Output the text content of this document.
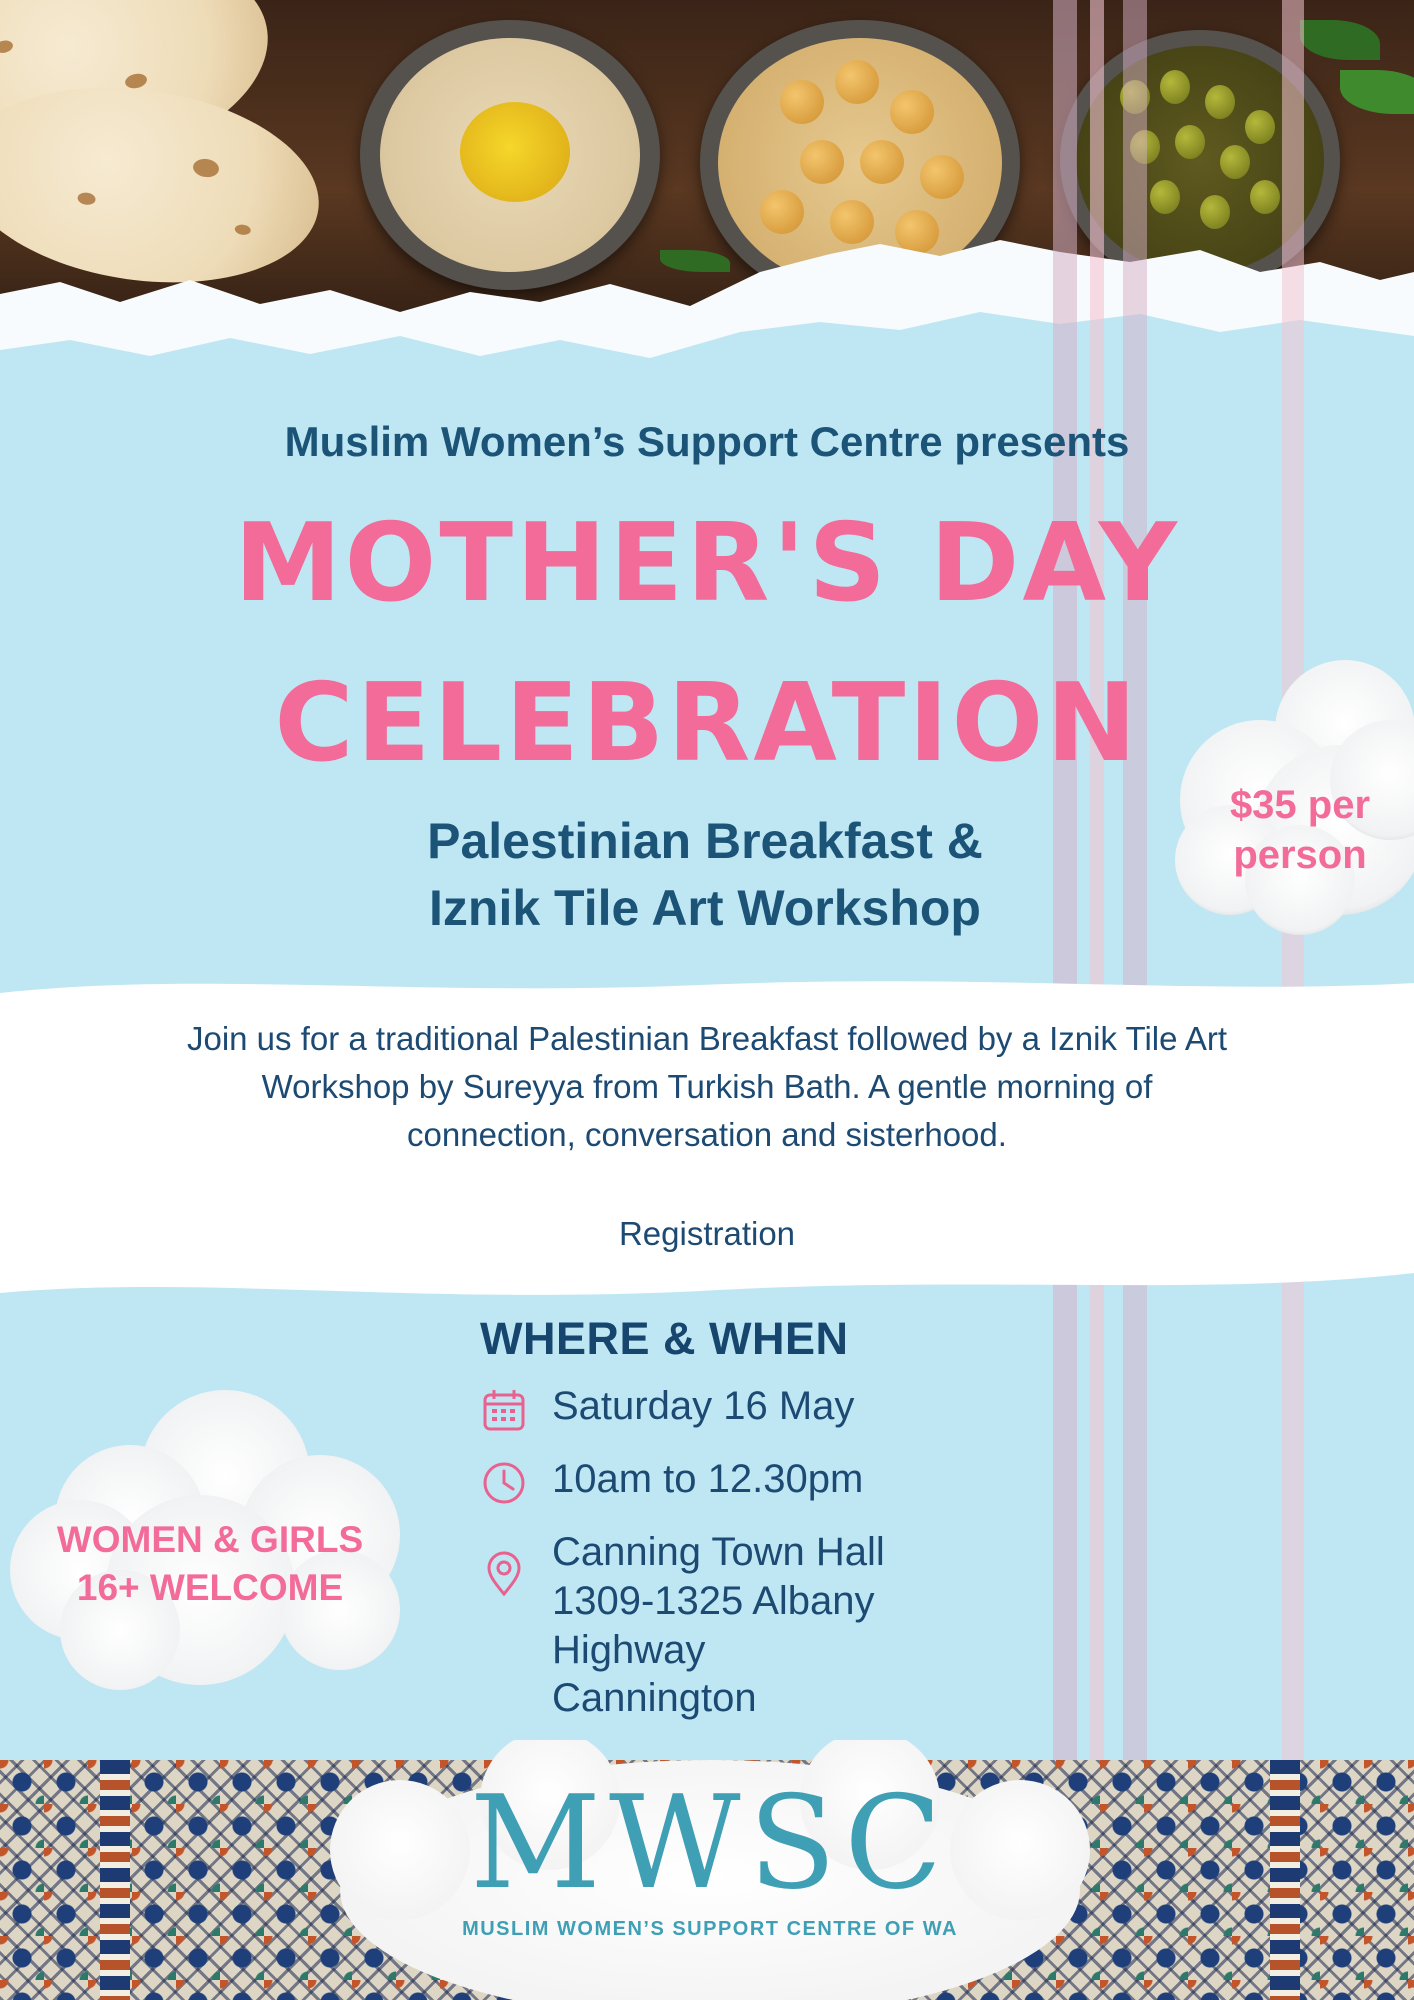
Muslim Women’s Support Centre presents
MOTHER'S DAY
CELEBRATION
Palestinian Breakfast &
Iznik Tile Art Workshop
Join us for a traditional Palestinian Breakfast followed by a Iznik Tile Art
Workshop by Sureyya from Turkish Bath. A gentle morning of
connection, conversation and sisterhood.
Registration
$35 per
person
WHERE & WHEN
Saturday 16 May
10am to 12.30pm
Canning Town Hall
1309-1325 Albany
Highway
Cannington
WOMEN & GIRLS
16+ WELCOME
MWSC
MUSLIM WOMEN’S SUPPORT CENTRE OF WA
